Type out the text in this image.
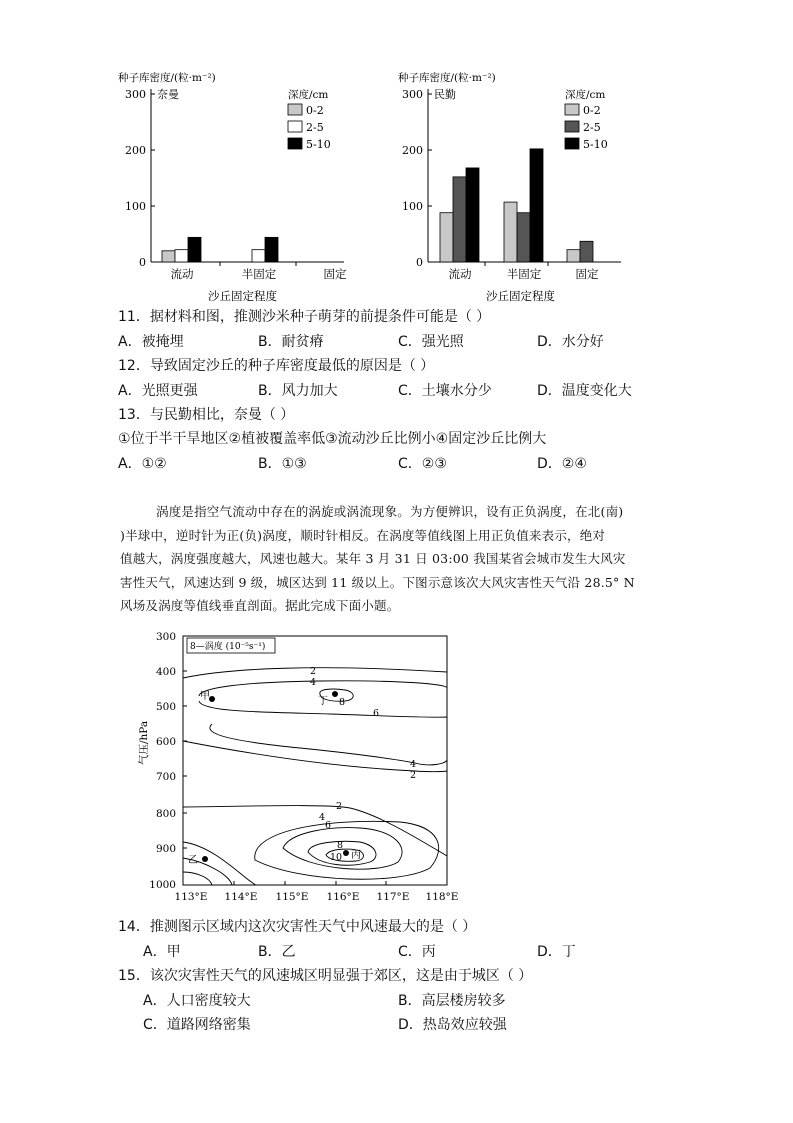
种子库密度/(粒·m⁻²)
奈曼
0
100
200
300
流动	半固定	固定
深度/cm
0-2
2-5
5-10
沙丘固定程度
种子库密度/(粒·m⁻²)
民勤
0
100
200
300
流动	半固定	固定
深度/cm
0-2
2-5
5-10
沙丘固定程度
11．据材料和图，推测沙米种子萌芽的前提条件可能是（ ）
A．被掩埋	B．耐贫瘠	C．强光照	D．水分好
12．导致固定沙丘的种子库密度最低的原因是（ ）
A．光照更强	B．风力加大	C．土壤水分少	D．温度变化大
13．与民勤相比，奈曼（ ）
①位于半干旱地区②植被覆盖率低③流动沙丘比例小④固定沙丘比例大
A．①②	B．①③	C．②③	D．②④
涡度是指空气流动中存在的涡旋或涡流现象。为方便辨识，设有正负涡度，在北(南)
)半球中，逆时针为正(负)涡度，顺时针相反。在涡度等值线图上用正负值来表示，绝对
值越大，涡度强度越大，风速也越大。某年 3 月 31 日 03:00 我国某省会城市发生大风灾
害性天气，风速达到 9 级，城区达到 11 级以上。下图示意该次大风灾害性天气沿 28.5° N
风场及涡度等值线垂直剖面。据此完成下面小题。
8—涡度 (10⁻⁵s⁻¹)
气压/hPa
300
400
500
600
700
800
900
1000
113°E 114°E 115°E 116°E 117°E 118°E
2
4
8
6
4
2
2
4
6
8
10
甲	丁
乙	丙
14．推测图示区域内这次灾害性天气中风速最大的是（ ）
A．甲	B．乙	C．丙	D．丁
15．该次灾害性天气的风速城区明显强于郊区，这是由于城区（ ）
A．人口密度较大	B．高层楼房较多
C．道路网络密集	D．热岛效应较强
